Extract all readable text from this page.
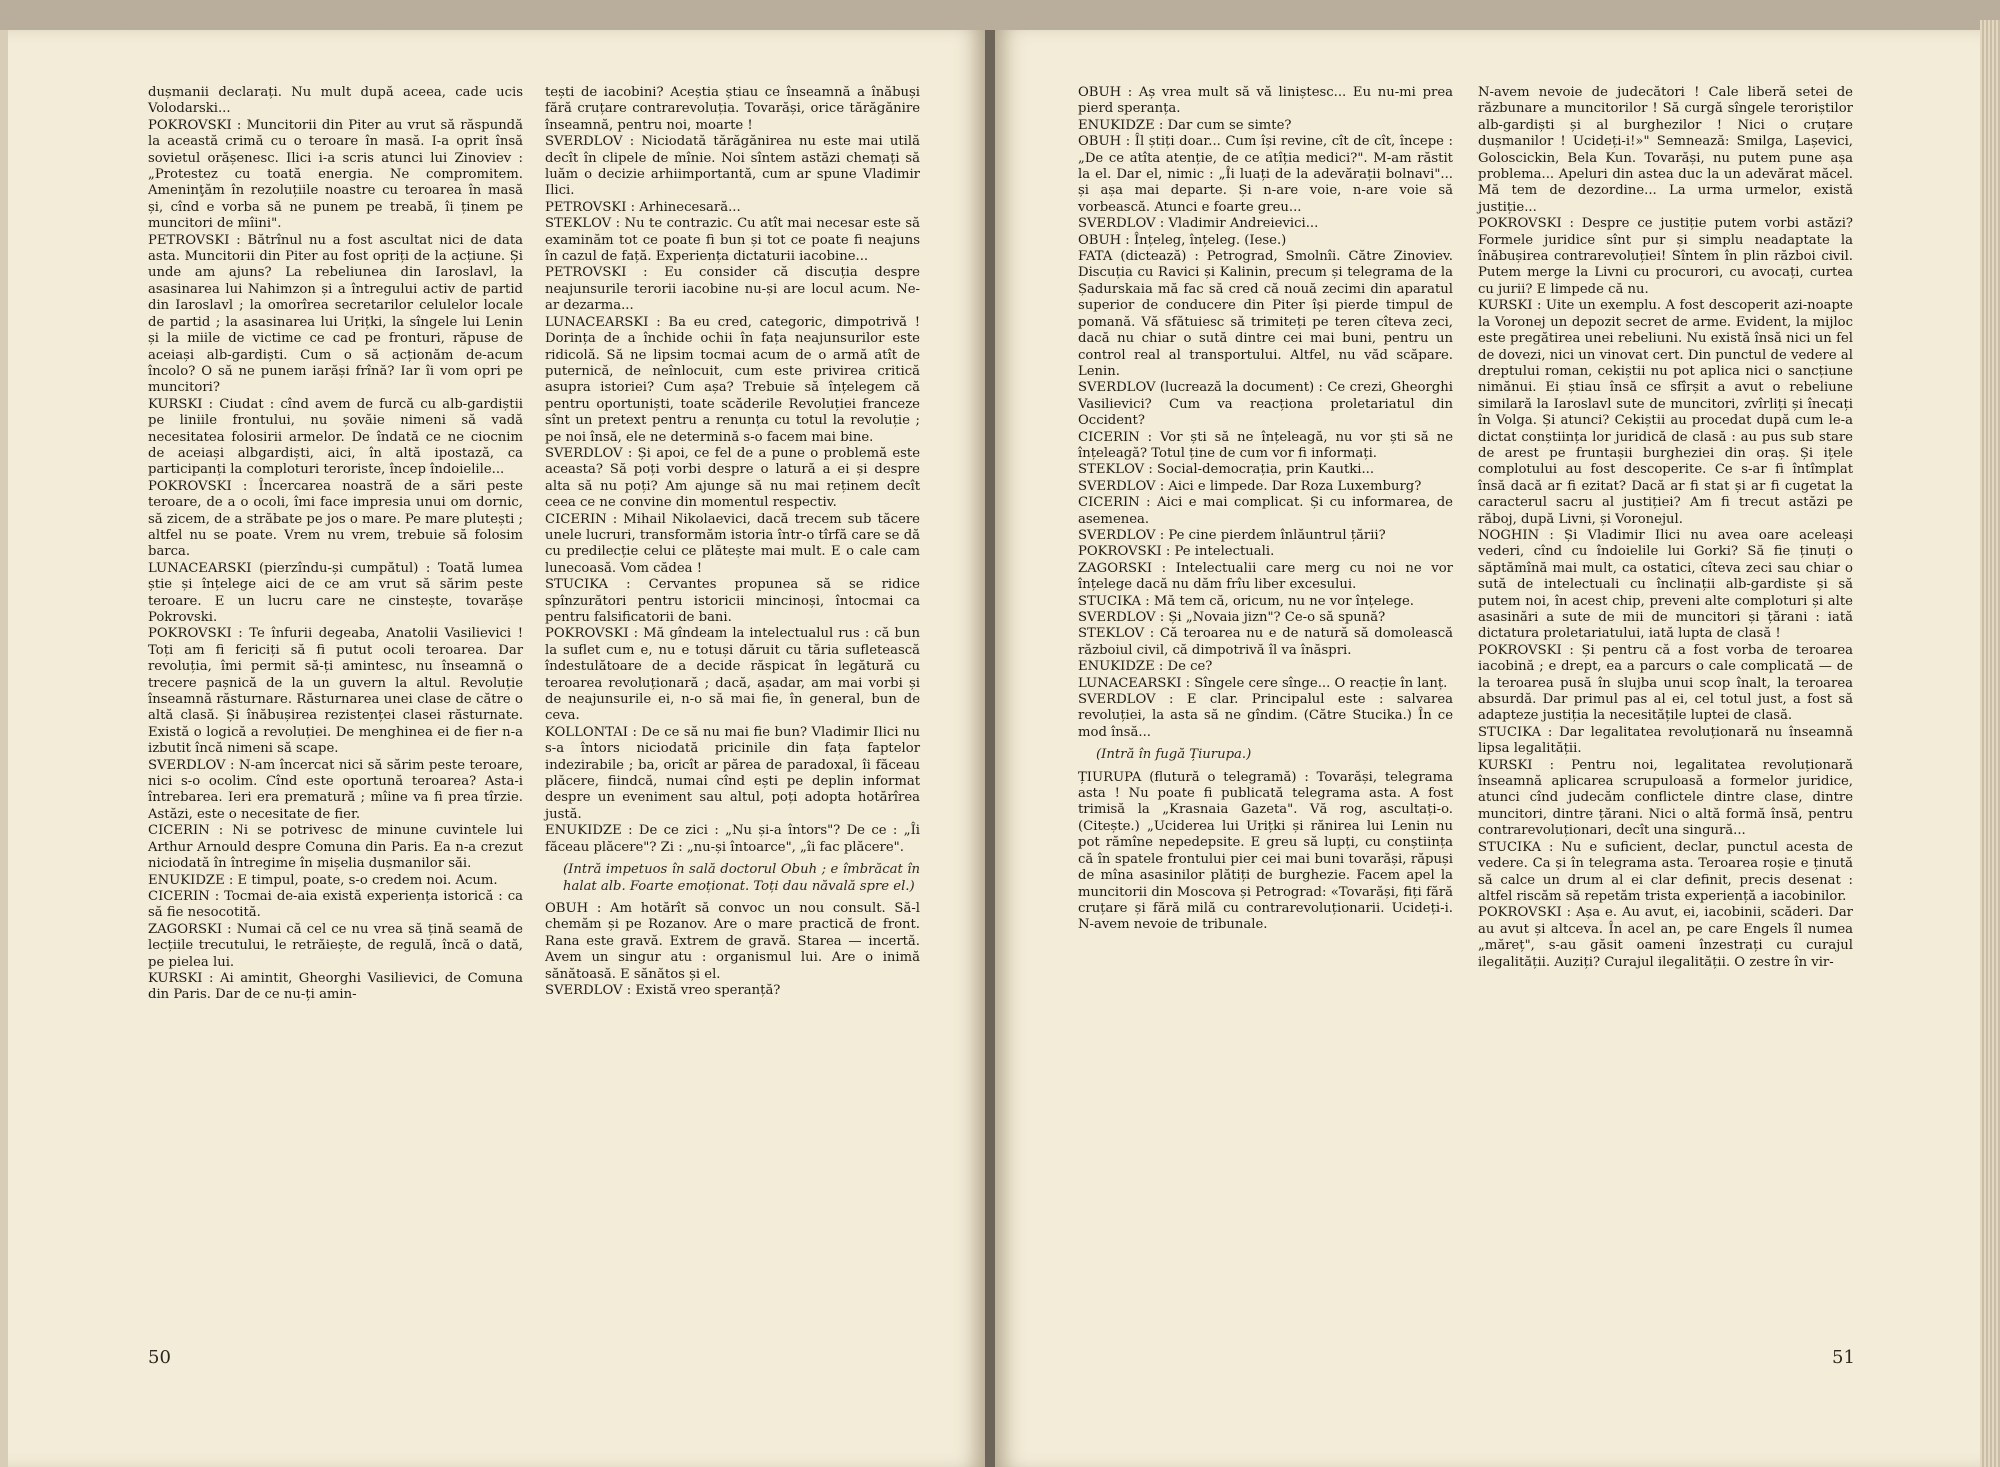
dușmanii declarați. Nu mult după aceea, cade ucis Volodarski...

POKROVSKI : Muncitorii din Piter au vrut să răspundă la această crimă cu o teroare în masă. I-a oprit însă sovietul orășenesc. Ilici i-a scris atunci lui Zinoviev : „Protestez cu toată energia. Ne compromitem. Ameninţăm în rezoluțiile noastre cu teroarea în masă și, cînd e vorba să ne punem pe treabă, îi ținem pe muncitori de mîini".

PETROVSKI : Bătrînul nu a fost ascultat nici de data asta. Muncitorii din Piter au fost opriți de la acțiune. Și unde am ajuns? La rebeliunea din Iaroslavl, la asasinarea lui Nahimzon și a întregului activ de partid din Iaroslavl ; la omorîrea secretarilor celulelor locale de partid ; la asasinarea lui Urițki, la sîngele lui Lenin și la miile de victime ce cad pe fronturi, răpuse de aceiași alb-gardiști. Cum o să acționăm de-acum încolo? O să ne punem iarăși frînă? Iar îi vom opri pe muncitori?

KURSKI : Ciudat : cînd avem de furcă cu alb-gardiștii pe liniile frontului, nu șovăie nimeni să vadă necesitatea folosirii armelor. De îndată ce ne ciocnim de aceiași albgardiști, aici, în altă ipostază, ca participanți la comploturi teroriste, încep îndoielile...

POKROVSKI : Încercarea noastră de a sări peste teroare, de a o ocoli, îmi face impresia unui om dornic, să zicem, de a străbate pe jos o mare. Pe mare plutești ; altfel nu se poate. Vrem nu vrem, trebuie să folosim barca.

LUNACEARSKI (pierzîndu-și cumpătul) : Toată lumea știe și înțelege aici de ce am vrut să sărim peste teroare. E un lucru care ne cinstește, tovarășe Pokrovski.

POKROVSKI : Te înfurii degeaba, Anatolii Vasilievici ! Toți am fi fericiți să fi putut ocoli teroarea. Dar revoluția, îmi permit să-ți amintesc, nu înseamnă o trecere pașnică de la un guvern la altul. Revoluție înseamnă răsturnare. Răsturnarea unei clase de către o altă clasă. Și înăbușirea rezistenței clasei răsturnate. Există o logică a revoluției. De menghinea ei de fier n-a izbutit încă nimeni să scape.

SVERDLOV : N-am încercat nici să sărim peste teroare, nici s-o ocolim. Cînd este oportună teroarea? Asta-i întrebarea. Ieri era prematură ; mîine va fi prea tîrzie. Astăzi, este o necesitate de fier.

CICERIN : Ni se potrivesc de minune cuvintele lui Arthur Arnould despre Comuna din Paris. Ea n-a crezut niciodată în întregime în mișelia dușmanilor săi.

ENUKIDZE : E timpul, poate, s-o credem noi. Acum.

CICERIN : Tocmai de-aia există experiența istorică : ca să fie nesocotită.

ZAGORSKI : Numai că cel ce nu vrea să țină seamă de lecțiile trecutului, le retrăiește, de regulă, încă o dată, pe pielea lui.

KURSKI : Ai amintit, Gheorghi Vasilievici, de Comuna din Paris. Dar de ce nu-ți amin-

tești de iacobini? Aceștia știau ce înseamnă a înăbuși fără cruțare contrarevoluția. Tovarăși, orice tărăgănire înseamnă, pentru noi, moarte !

SVERDLOV : Niciodată tărăgănirea nu este mai utilă decît în clipele de mînie. Noi sîntem astăzi chemați să luăm o decizie arhiimportantă, cum ar spune Vladimir Ilici.

PETROVSKI : Arhinecesară...

STEKLOV : Nu te contrazic. Cu atît mai necesar este să examinăm tot ce poate fi bun și tot ce poate fi neajuns în cazul de față. Experiența dictaturii iacobine...

PETROVSKI : Eu consider că discuția despre neajunsurile terorii iacobine nu-și are locul acum. Ne-ar dezarma...

LUNACEARSKI : Ba eu cred, categoric, dimpotrivă ! Dorința de a închide ochii în fața neajunsurilor este ridicolă. Să ne lipsim tocmai acum de o armă atît de puternică, de neînlocuit, cum este privirea critică asupra istoriei? Cum așa? Trebuie să înțelegem că pentru oportuniști, toate scăderile Revoluției franceze sînt un pretext pentru a renunța cu totul la revoluție ; pe noi însă, ele ne determină s-o facem mai bine.

SVERDLOV : Și apoi, ce fel de a pune o problemă este aceasta? Să poți vorbi despre o latură a ei și despre alta să nu poți? Am ajunge să nu mai reținem decît ceea ce ne convine din momentul respectiv.

CICERIN : Mihail Nikolaevici, dacă trecem sub tăcere unele lucruri, transformăm istoria într-o tîrfă care se dă cu predilecție celui ce plătește mai mult. E o cale cam lunecoasă. Vom cădea !

STUCIKA : Cervantes propunea să se ridice spînzurători pentru istoricii mincinoși, întocmai ca pentru falsificatorii de bani.

POKROVSKI : Mă gîndeam la intelectualul rus : că bun la suflet cum e, nu e totuși dăruit cu tăria sufletească îndestulătoare de a decide răspicat în legătură cu teroarea revoluționară ; dacă, așadar, am mai vorbi și de neajunsurile ei, n-o să mai fie, în general, bun de ceva.

KOLLONTAI : De ce să nu mai fie bun? Vladimir Ilici nu s-a întors niciodată pricinile din fața faptelor indezirabile ; ba, oricît ar părea de paradoxal, îi făceau plăcere, fiindcă, numai cînd ești pe deplin informat despre un eveniment sau altul, poți adopta hotărîrea justă.

ENUKIDZE : De ce zici : „Nu și-a întors"? De ce : „Îi făceau plăcere"? Zi : „nu-și întoarce", „îi fac plăcere".

(Intră impetuos în sală doctorul Obuh ; e îmbrăcat în halat alb. Foarte emoționat. Toți dau năvală spre el.)

OBUH : Am hotărît să convoc un nou consult. Să-l chemăm și pe Rozanov. Are o mare practică de front. Rana este gravă. Extrem de gravă. Starea — incertă. Avem un singur atu : organismul lui. Are o inimă sănătoasă. E sănătos și el.

SVERDLOV : Există vreo speranță?

OBUH : Aș vrea mult să vă liniștesc... Eu nu-mi prea pierd speranța.

ENUKIDZE : Dar cum se simte?

OBUH : Îl știți doar... Cum își revine, cît de cît, începe : „De ce atîta atenție, de ce atîția medici?". M-am răstit la el. Dar el, nimic : „Îi luați de la adevărații bolnavi"... și așa mai departe. Și n-are voie, n-are voie să vorbească. Atunci e foarte greu...

SVERDLOV : Vladimir Andreievici...

OBUH : Înțeleg, înțeleg. (Iese.)

FATA (dictează) : Petrograd, Smolnîi. Către Zinoviev. Discuția cu Ravici și Kalinin, precum și telegrama de la Șadurskaia mă fac să cred că nouă zecimi din aparatul superior de conducere din Piter își pierde timpul de pomană. Vă sfătuiesc să trimiteți pe teren cîteva zeci, dacă nu chiar o sută dintre cei mai buni, pentru un control real al transportului. Altfel, nu văd scăpare. Lenin.

SVERDLOV (lucrează la document) : Ce crezi, Gheorghi Vasilievici? Cum va reacționa proletariatul din Occident?

CICERIN : Vor ști să ne înțeleagă, nu vor ști să ne înțeleagă? Totul ține de cum vor fi informați.

STEKLOV : Social-democrația, prin Kautki...

SVERDLOV : Aici e limpede. Dar Roza Luxemburg?

CICERIN : Aici e mai complicat. Și cu informarea, de asemenea.

SVERDLOV : Pe cine pierdem înlăuntrul țării?

POKROVSKI : Pe intelectuali.

ZAGORSKI : Intelectualii care merg cu noi ne vor înțelege dacă nu dăm frîu liber excesului.

STUCIKA : Mă tem că, oricum, nu ne vor înțelege.

SVERDLOV : Și „Novaia jizn"? Ce-o să spună?

STEKLOV : Că teroarea nu e de natură să domolească războiul civil, că dimpotrivă îl va înăspri.

ENUKIDZE : De ce?

LUNACEARSKI : Sîngele cere sînge... O reacție în lanț.

SVERDLOV : E clar. Principalul este : salvarea revoluției, la asta să ne gîndim. (Către Stucika.) În ce mod însă...

(Intră în fugă Țiurupa.)

ȚIURUPA (flutură o telegramă) : Tovarăși, telegrama asta ! Nu poate fi publicată telegrama asta. A fost trimisă la „Krasnaia Gazeta". Vă rog, ascultați-o. (Citește.) „Uciderea lui Urițki și rănirea lui Lenin nu pot rămîne nepedepsite. E greu să lupți, cu conștiința că în spatele frontului pier cei mai buni tovarăși, răpuși de mîna asasinilor plătiți de burghezie. Facem apel la muncitorii din Moscova și Petrograd: «Tovarăși, fiți fără cruțare și fără milă cu contrarevoluționarii. Ucideți-i. N-avem nevoie de tribunale.

N-avem nevoie de judecători ! Cale liberă setei de răzbunare a muncitorilor ! Să curgă sîngele teroriștilor alb-gardiști și al burghezilor ! Nici o cruțare dușmanilor ! Ucideți-i!»" Semnează: Smilga, Lașevici, Goloscickin, Bela Kun. Tovarăși, nu putem pune așa problema... Apeluri din astea duc la un adevărat măcel. Mă tem de dezordine... La urma urmelor, există justiție...

POKROVSKI : Despre ce justiție putem vorbi astăzi? Formele juridice sînt pur și simplu neadaptate la înăbușirea contrarevoluției! Sîntem în plin război civil. Putem merge la Livni cu procurori, cu avocați, curtea cu jurii? E limpede că nu.

KURSKI : Uite un exemplu. A fost descoperit azi-noapte la Voronej un depozit secret de arme. Evident, la mijloc este pregătirea unei rebeliuni. Nu există însă nici un fel de dovezi, nici un vinovat cert. Din punctul de vedere al dreptului roman, cekiștii nu pot aplica nici o sancțiune nimănui. Ei știau însă ce sfîrșit a avut o rebeliune similară la Iaroslavl sute de muncitori, zvîrliți și înecați în Volga. Și atunci? Cekiștii au procedat după cum le-a dictat conștiința lor juridică de clasă : au pus sub stare de arest pe fruntașii burgheziei din oraș. Și ițele complotului au fost descoperite. Ce s-ar fi întîmplat însă dacă ar fi ezitat? Dacă ar fi stat și ar fi cugetat la caracterul sacru al justiției? Am fi trecut astăzi pe răboj, după Livni, și Voronejul.

NOGHIN : Și Vladimir Ilici nu avea oare aceleași vederi, cînd cu îndoielile lui Gorki? Să fie ținuți o săptămînă mai mult, ca ostatici, cîteva zeci sau chiar o sută de intelectuali cu înclinații alb-gardiste și să putem noi, în acest chip, preveni alte comploturi și alte asasinări a sute de mii de muncitori și țărani : iată dictatura proletariatului, iată lupta de clasă !

POKROVSKI : Și pentru că a fost vorba de teroarea iacobină ; e drept, ea a parcurs o cale complicată — de la teroarea pusă în slujba unui scop înalt, la teroarea absurdă. Dar primul pas al ei, cel totul just, a fost să adapteze justiția la necesitățile luptei de clasă.

STUCIKA : Dar legalitatea revoluționară nu înseamnă lipsa legalității.

KURSKI : Pentru noi, legalitatea revoluționară înseamnă aplicarea scrupuloasă a formelor juridice, atunci cînd judecăm conflictele dintre clase, dintre muncitori, dintre țărani. Nici o altă formă însă, pentru contrarevoluționari, decît una singură...

STUCIKA : Nu e suficient, declar, punctul acesta de vedere. Ca și în telegrama asta. Teroarea roșie e ținută să calce un drum al ei clar definit, precis desenat : altfel riscăm să repetăm trista experiență a iacobinilor.

POKROVSKI : Așa e. Au avut, ei, iacobinii, scăderi. Dar au avut și altceva. În acel an, pe care Engels îl numea „măreț", s-au găsit oameni înzestrați cu curajul ilegalității. Auziți? Curajul ilegalității. O zestre în vir-

50	51
